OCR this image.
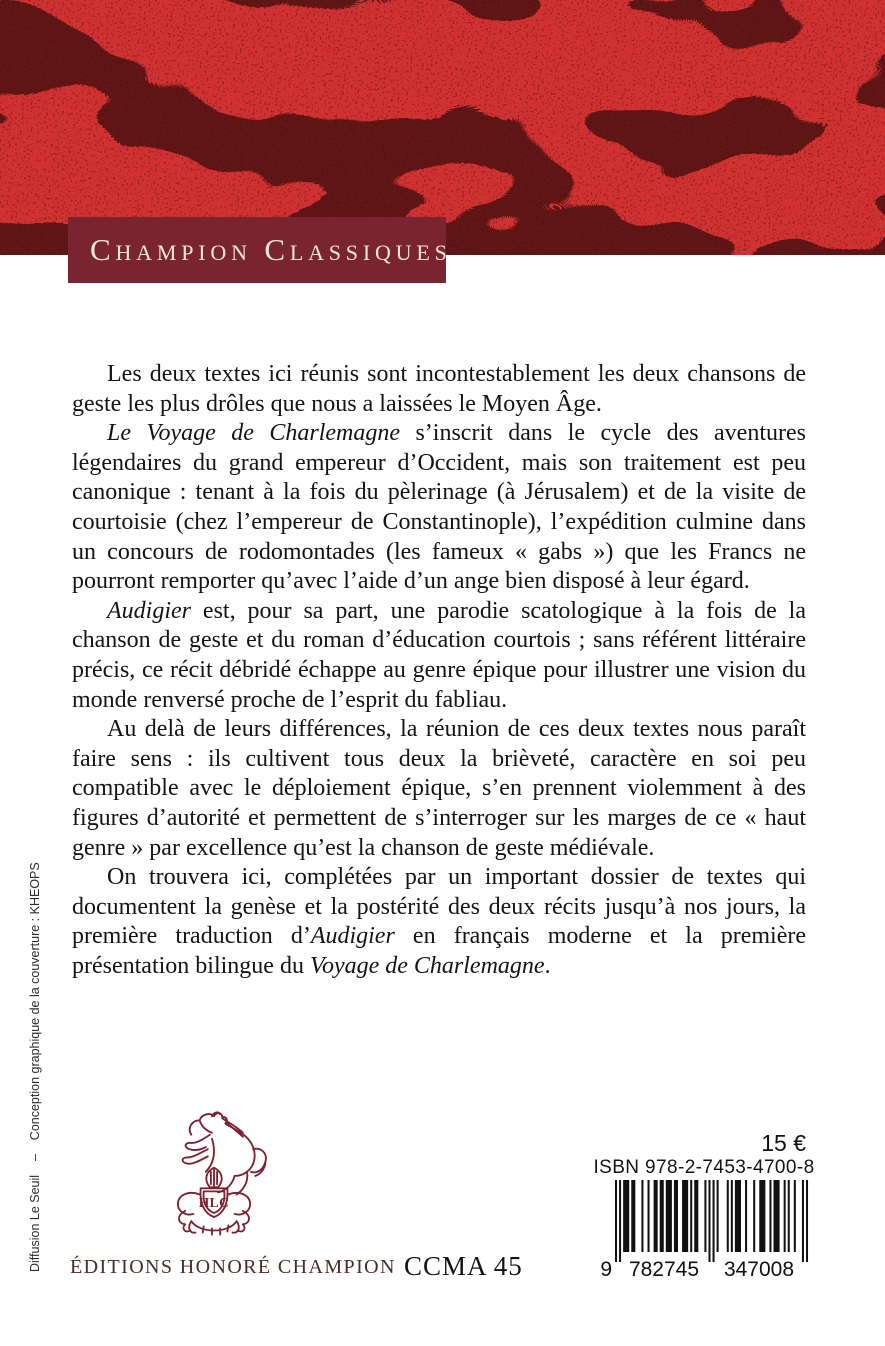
Champion Classiques

Les deux textes ici réunis sont incontestablement les deux chansons de geste les plus drôles que nous a laissées le Moyen Âge.

Le Voyage de Charlemagne s’inscrit dans le cycle des aventures légendaires du grand empereur d’Occident, mais son traitement est peu canonique : tenant à la fois du pèlerinage (à Jérusalem) et de la visite de courtoisie (chez l’empereur de Constantinople), l’expédition culmine dans un concours de rodomontades (les fameux « gabs ») que les Francs ne pourront remporter qu’avec l’aide d’un ange bien disposé à leur égard.

Audigier est, pour sa part, une parodie scatologique à la fois de la chanson de geste et du roman d’éducation courtois ; sans référent littéraire précis, ce récit débridé échappe au genre épique pour illustrer une vision du monde renversé proche de l’esprit du fabliau.

Au delà de leurs différences, la réunion de ces deux textes nous paraît faire sens : ils cultivent tous deux la brièveté, caractère en soi peu compatible avec le déploiement épique, s’en prennent violemment à des figures d’autorité et permettent de s’interroger sur les marges de ce « haut genre » par excellence qu’est la chanson de geste médiévale.

On trouvera ici, complétées par un important dossier de textes qui documentent la genèse et la postérité des deux récits jusqu’à nos jours, la première traduction d’Audigier en français moderne et la première présentation bilingue du Voyage de Charlemagne.

Diffusion Le Seuil    –    Conception graphique de la couverture : KHEOPS	HLC
ÉDITIONS HONORÉ CHAMPION CCMA 45
15 €
ISBN 978-2-7453-4700-8
9 782745 347008
